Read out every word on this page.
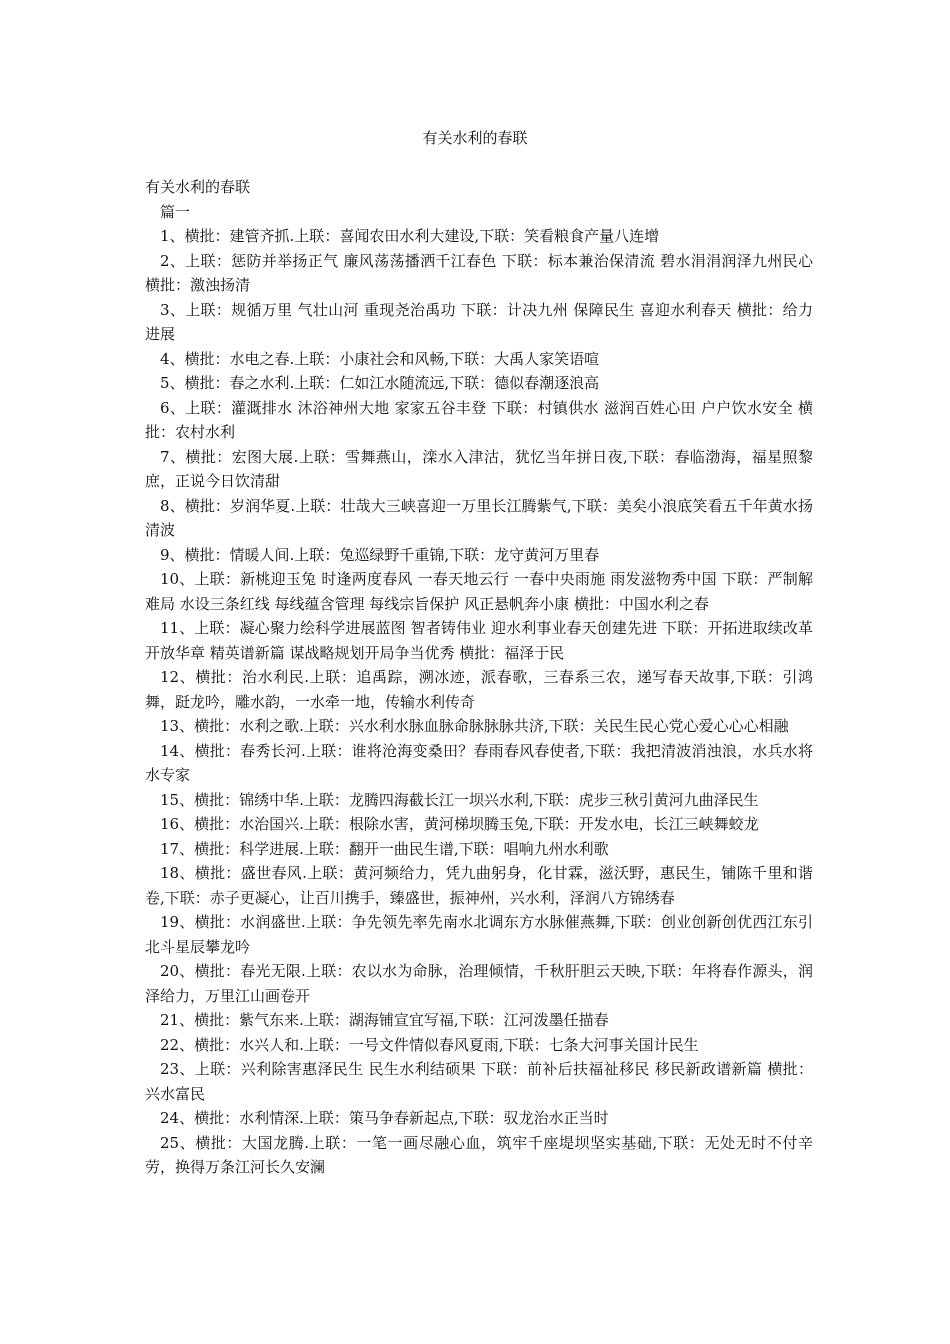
有关水利的春联
有关水利的春联
篇一
1、横批：建管齐抓.上联：喜闻农田水利大建设,下联：笑看粮食产量八连增
2、上联：惩防并举扬正气 廉风荡荡播洒千江春色 下联：标本兼治保清流 碧水涓涓润泽九州民心 横批：激浊扬清
3、上联：规循万里 气壮山河 重现尧治禹功 下联：计决九州 保障民生 喜迎水利春天 横批：给力进展
4、横批：水电之春.上联：小康社会和风畅,下联：大禹人家笑语喧
5、横批：春之水利.上联：仁如江水随流远,下联：德似春潮逐浪高
6、上联：灌溉排水 沐浴神州大地 家家五谷丰登 下联：村镇供水 滋润百姓心田 户户饮水安全 横批：农村水利
7、横批：宏图大展.上联：雪舞燕山，滦水入津沽，犹忆当年拼日夜,下联：春临渤海，福星照黎庶，正说今日饮清甜
8、横批：岁润华夏.上联：壮哉大三峡喜迎一万里长江腾紫气,下联：美矣小浪底笑看五千年黄水扬清波
9、横批：情暖人间.上联：兔巡绿野千重锦,下联：龙守黄河万里春
10、上联：新桃迎玉兔 时逢两度春风 一春天地云行 一春中央雨施 雨发滋物秀中国 下联：严制解难局 水设三条红线 每线蕴含管理 每线宗旨保护 风正悬帆奔小康 横批：中国水利之春
11、上联：凝心聚力绘科学进展蓝图 智者铸伟业 迎水利事业春天创建先进 下联：开拓进取续改革开放华章 精英谱新篇 谋战略规划开局争当优秀 横批：福泽于民
12、横批：治水利民.上联：追禹踪，溯冰迹，派春歌，三春系三农，递写春天故事,下联：引鸿舞，跹龙吟，雕水韵，一水牵一地，传输水利传奇
13、横批：水利之歌.上联：兴水利水脉血脉命脉脉脉共济,下联：关民生民心党心爱心心心相融
14、横批：春秀长河.上联：谁将沧海变桑田？春雨春风春使者,下联：我把清波消浊浪，水兵水将水专家
15、横批：锦绣中华.上联：龙腾四海截长江一坝兴水利,下联：虎步三秋引黄河九曲泽民生
16、横批：水治国兴.上联：根除水害，黄河梯坝腾玉兔,下联：开发水电，长江三峡舞蛟龙
17、横批：科学进展.上联：翻开一曲民生谱,下联：唱响九州水利歌
18、横批：盛世春风.上联：黄河频给力，凭九曲躬身，化甘霖，滋沃野，惠民生，铺陈千里和谐卷,下联：赤子更凝心，让百川携手，臻盛世，振神州，兴水利，泽润八方锦绣春
19、横批：水润盛世.上联：争先领先率先南水北调东方水脉催燕舞,下联：创业创新创优西江东引北斗星辰攀龙吟
20、横批：春光无限.上联：农以水为命脉，治理倾情，千秋肝胆云天映,下联：年将春作源头，润泽给力，万里江山画卷开
21、横批：紫气东来.上联：湖海铺宣宜写福,下联：江河泼墨任描春
22、横批：水兴人和.上联：一号文件情似春风夏雨,下联：七条大河事关国计民生
23、上联：兴利除害惠泽民生 民生水利结硕果 下联：前补后扶福祉移民 移民新政谱新篇 横批：兴水富民
24、横批：水利情深.上联：策马争春新起点,下联：驭龙治水正当时
25、横批：大国龙腾.上联：一笔一画尽融心血，筑牢千座堤坝坚实基础,下联：无处无时不付辛劳，换得万条江河长久安澜
